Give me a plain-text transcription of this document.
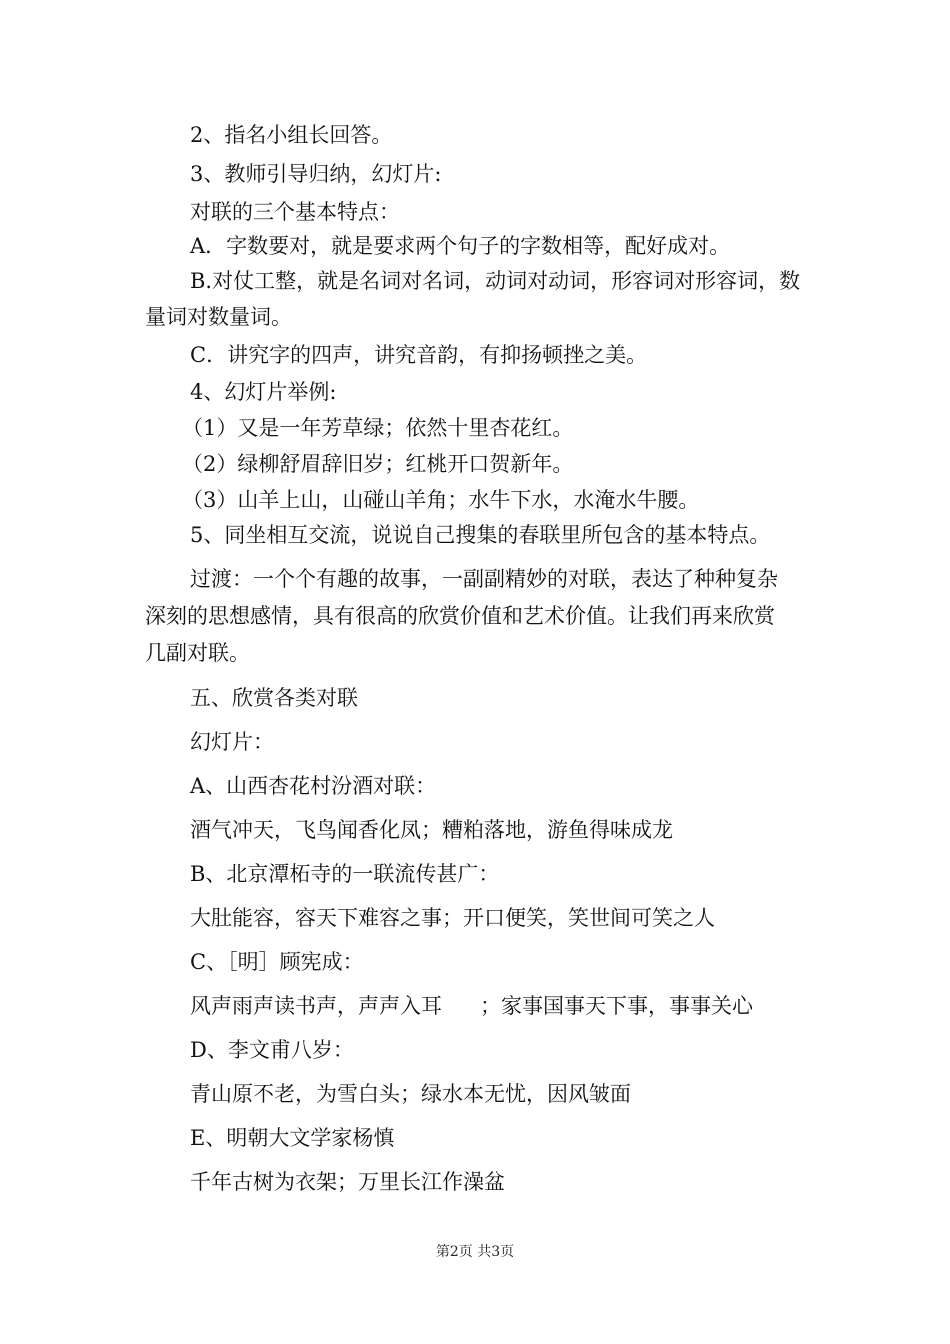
2、指名小组长回答。
3、教师引导归纳，幻灯片:
对联的三个基本特点：
A．字数要对，就是要求两个句子的字数相等，配好成对。
B.对仗工整，就是名词对名词，动词对动词，形容词对形容词，数
量词对数量词。
C．讲究字的四声，讲究音韵，有抑扬顿挫之美。
4、幻灯片举例:
（1）又是一年芳草绿；依然十里杏花红。
（2）绿柳舒眉辞旧岁；红桃开口贺新年。
（3）山羊上山，山碰山羊角；水牛下水，水淹水牛腰。
5、同坐相互交流，说说自己搜集的春联里所包含的基本特点。
过渡：一个个有趣的故事，一副副精妙的对联，表达了种种复杂
深刻的思想感情，具有很高的欣赏价值和艺术价值。让我们再来欣赏
几副对联。
五、欣赏各类对联
幻灯片：
A、山西杏花村汾酒对联：
酒气冲天，飞鸟闻香化凤；糟粕落地，游鱼得味成龙
B、北京潭柘寺的一联流传甚广：
大肚能容，容天下难容之事；开口便笑，笑世间可笑之人
C、［明］顾宪成：
风声雨声读书声，声声入耳 ；家事国事天下事，事事关心
D、李文甫八岁：
青山原不老，为雪白头；绿水本无忧，因风皱面
E、明朝大文学家杨慎
千年古树为衣架；万里长江作澡盆
第2页 共3页
